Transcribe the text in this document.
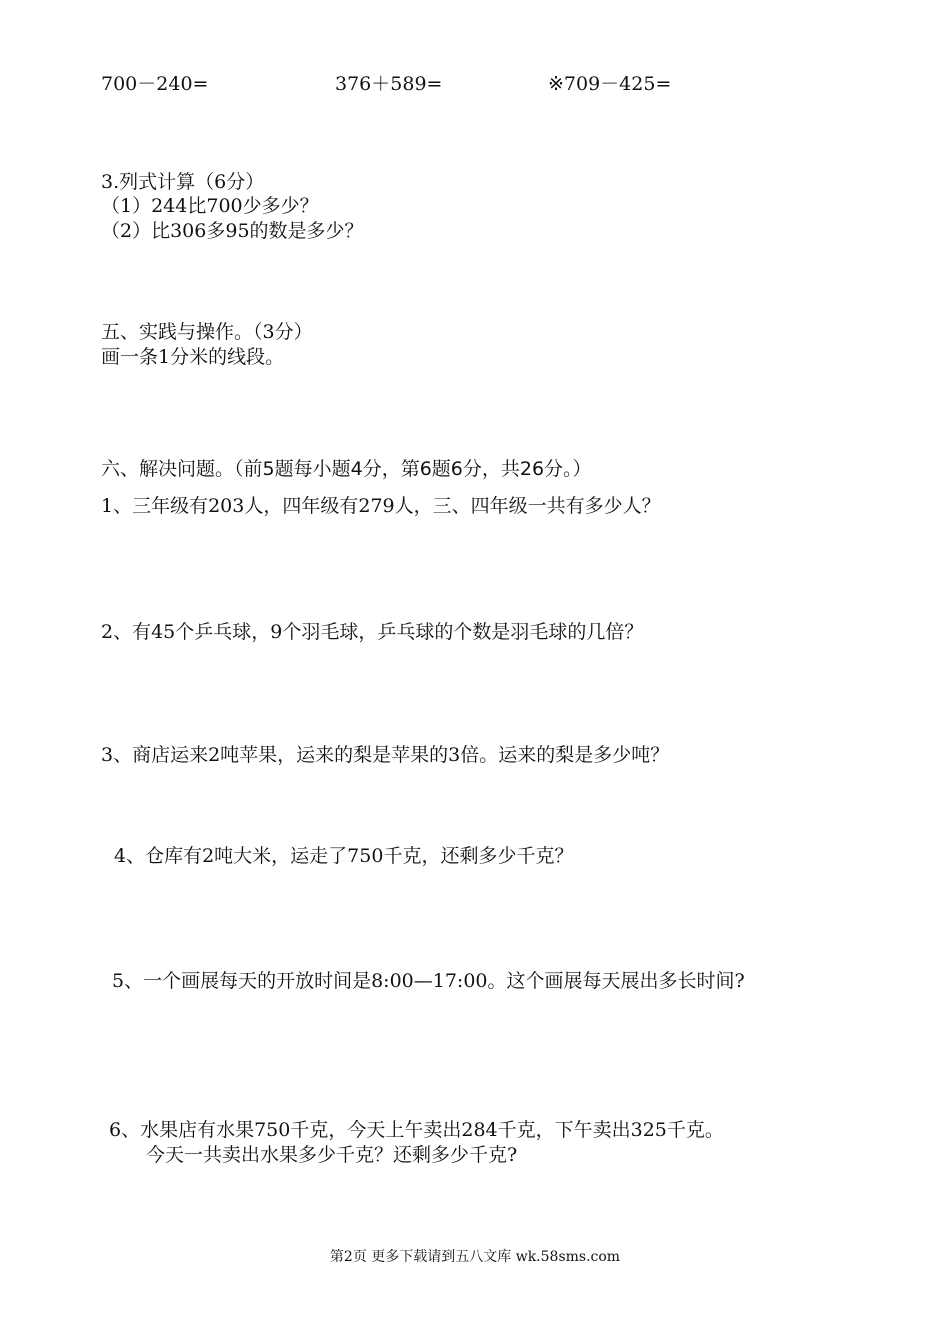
700－240=	376＋589=	※709－425=
3.列式计算（6分）
（1）244比700少多少？
（2）比306多95的数是多少？
五、实践与操作。（3分）
画一条1分米的线段。
六、解决问题。（前5题每小题4分，第6题6分，共26分。）
1、三年级有203人，四年级有279人，三、四年级一共有多少人？
2、有45个乒乓球，9个羽毛球，乒乓球的个数是羽毛球的几倍？
3、商店运来2吨苹果，运来的梨是苹果的3倍。运来的梨是多少吨？
4、仓库有2吨大米，运走了750千克，还剩多少千克？
5、一个画展每天的开放时间是8:00—17:00。这个画展每天展出多长时间?
6、水果店有水果750千克，今天上午卖出284千克，下午卖出325千克。
今天一共卖出水果多少千克？还剩多少千克?
第2页 更多下载请到五八文库 wk.58sms.com
